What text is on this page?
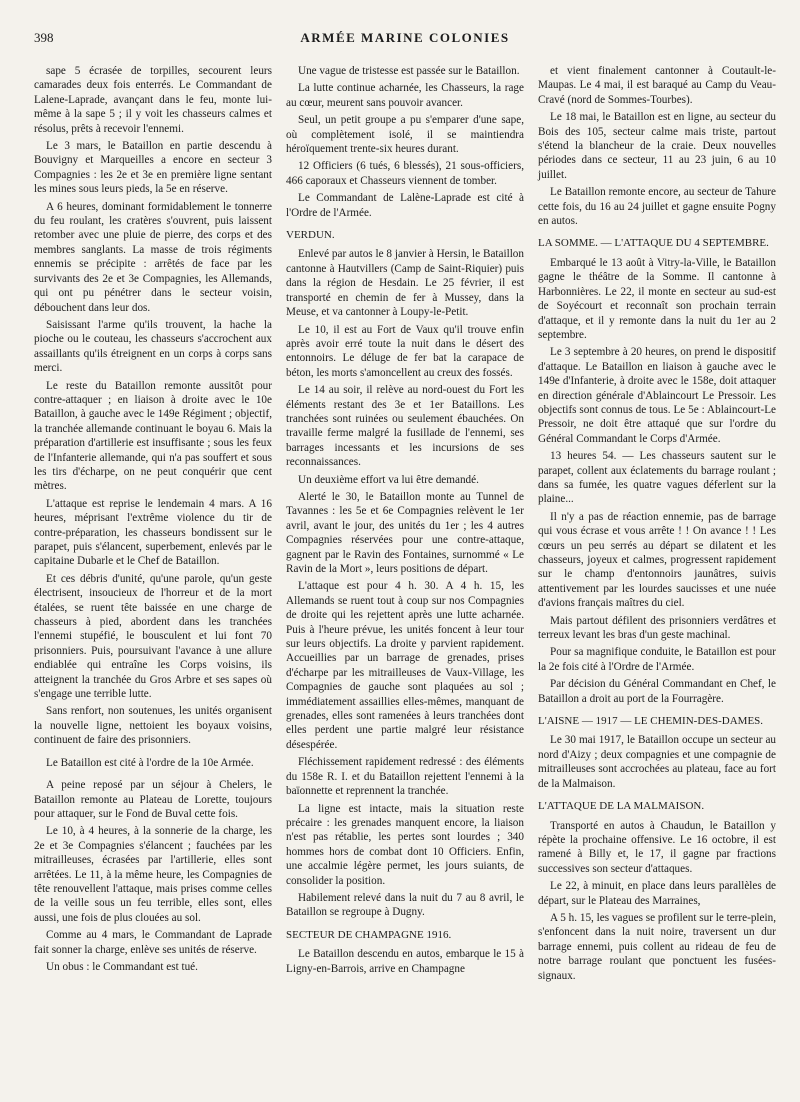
398	ARMÉE MARINE COLONIES

sape 5 écrasée de torpilles, secourent leurs camarades deux fois enterrés. Le Commandant de Lalene-Laprade, avançant dans le feu, monte lui-même à la sape 5 ; il y voit les chasseurs calmes et résolus, prêts à recevoir l'ennemi.

Le 3 mars, le Bataillon en partie descendu à Bouvigny et Marqueilles a encore en secteur 3 Compagnies : les 2e et 3e en première ligne sentant les mines sous leurs pieds, la 5e en réserve.

A 6 heures, dominant formidablement le tonnerre du feu roulant, les cratères s'ouvrent, puis laissent retomber avec une pluie de pierre, des corps et des membres sanglants. La masse de trois régiments ennemis se précipite : arrêtés de face par les survivants des 2e et 3e Compagnies, les Allemands, qui ont pu pénétrer dans le secteur voisin, débouchent dans leur dos.

Saisissant l'arme qu'ils trouvent, la hache la pioche ou le couteau, les chasseurs s'accrochent aux assaillants qu'ils étreignent en un corps à corps sans merci.

Le reste du Bataillon remonte aussitôt pour contre-attaquer ; en liaison à droite avec le 10e Bataillon, à gauche avec le 149e Régiment ; objectif, la tranchée allemande continuant le boyau 6. Mais la préparation d'artillerie est insuffisante ; sous les feux de l'Infanterie allemande, qui n'a pas souffert et sous les tirs d'écharpe, on ne peut conquérir que cent mètres.

L'attaque est reprise le lendemain 4 mars. A 16 heures, méprisant l'extrême violence du tir de contre-préparation, les chasseurs bondissent sur le parapet, puis s'élancent, superbement, enlevés par le capitaine Dubarle et le Chef de Bataillon.

Et ces débris d'unité, qu'une parole, qu'un geste électrisent, insoucieux de l'horreur et de la mort étalées, se ruent tête baissée en une charge de chasseurs à pied, abordent dans les tranchées l'ennemi stupéfié, le bousculent et lui font 70 prisonniers. Puis, poursuivant l'avance à une allure endiablée qui entraîne les Corps voisins, ils atteignent la tranchée du Gros Arbre et ses sapes où s'engage une terrible lutte.

Sans renfort, non soutenues, les unités organisent la nouvelle ligne, nettoient les boyaux voisins, continuent de faire des prisonniers.

Le Bataillon est cité à l'ordre de la 10e Armée.

A peine reposé par un séjour à Chelers, le Bataillon remonte au Plateau de Lorette, toujours pour attaquer, sur le Fond de Buval cette fois.

Le 10, à 4 heures, à la sonnerie de la charge, les 2e et 3e Compagnies s'élancent ; fauchées par les mitrailleuses, écrasées par l'artillerie, elles sont arrêtées. Le 11, à la même heure, les Compagnies de tête renouvellent l'attaque, mais prises comme celles de la veille sous un feu terrible, elles sont, elles aussi, une fois de plus clouées au sol.

Comme au 4 mars, le Commandant de Laprade fait sonner la charge, enlève ses unités de réserve.

Un obus : le Commandant est tué.

Une vague de tristesse est passée sur le Bataillon.

La lutte continue acharnée, les Chasseurs, la rage au cœur, meurent sans pouvoir avancer.

Seul, un petit groupe a pu s'emparer d'une sape, où complètement isolé, il se maintiendra héroïquement trente-six heures durant.

12 Officiers (6 tués, 6 blessés), 21 sous-officiers, 466 caporaux et Chasseurs viennent de tomber.

Le Commandant de Lalène-Laprade est cité à l'Ordre de l'Armée.

VERDUN.

Enlevé par autos le 8 janvier à Hersin, le Bataillon cantonne à Hautvillers (Camp de Saint-Riquier) puis dans la région de Hesdain. Le 25 février, il est transporté en chemin de fer à Mussey, dans la Meuse, et va cantonner à Loupy-le-Petit.

Le 10, il est au Fort de Vaux qu'il trouve enfin après avoir erré toute la nuit dans le désert des entonnoirs. Le déluge de fer bat la carapace de béton, les morts s'amoncellent au creux des fossés.

Le 14 au soir, il relève au nord-ouest du Fort les éléments restant des 3e et 1er Bataillons. Les tranchées sont ruinées ou seulement ébauchées. On travaille ferme malgré la fusillade de l'ennemi, ses barrages incessants et les incursions de ses reconnaissances.

Un deuxième effort va lui être demandé.

Alerté le 30, le Bataillon monte au Tunnel de Tavannes : les 5e et 6e Compagnies relèvent le 1er avril, avant le jour, des unités du 1er ; les 4 autres Compagnies réservées pour une contre-attaque, gagnent par le Ravin des Fontaines, surnommé « Le Ravin de la Mort », leurs positions de départ.

L'attaque est pour 4 h. 30. A 4 h. 15, les Allemands se ruent tout à coup sur nos Compagnies de droite qui les rejettent après une lutte acharnée. Puis à l'heure prévue, les unités foncent à leur tour sur leurs objectifs. La droite y parvient rapidement. Accueillies par un barrage de grenades, prises d'écharpe par les mitrailleuses de Vaux-Village, les Compagnies de gauche sont plaquées au sol ; immédiatement assaillies elles-mêmes, manquant de grenades, elles sont ramenées à leurs tranchées dont elles perdent une partie malgré leur résistance désespérée.

Fléchissement rapidement redressé : des éléments du 158e R. I. et du Bataillon rejettent l'ennemi à la baïonnette et reprennent la tranchée.

La ligne est intacte, mais la situation reste précaire : les grenades manquent encore, la liaison n'est pas rétablie, les pertes sont lourdes ; 340 hommes hors de combat dont 10 Officiers. Enfin, une accalmie légère permet, les jours suiants, de consolider la position.

Habilement relevé dans la nuit du 7 au 8 avril, le Bataillon se regroupe à Dugny.

SECTEUR DE CHAMPAGNE 1916.

Le Bataillon descendu en autos, embarque le 15 à Ligny-en-Barrois, arrive en Champagne

et vient finalement cantonner à Coutault-le-Maupas. Le 4 mai, il est baraqué au Camp du Veau-Cravé (nord de Sommes-Tourbes).

Le 18 mai, le Bataillon est en ligne, au secteur du Bois des 105, secteur calme mais triste, partout s'étend la blancheur de la craie. Deux nouvelles périodes dans ce secteur, 11 au 23 juin, 6 au 10 juillet.

Le Bataillon remonte encore, au secteur de Tahure cette fois, du 16 au 24 juillet et gagne ensuite Pogny en autos.

LA SOMME. — L'ATTAQUE DU 4 SEPTEMBRE.

Embarqué le 13 août à Vitry-la-Ville, le Bataillon gagne le théâtre de la Somme. Il cantonne à Harbonnières. Le 22, il monte en secteur au sud-est de Soyécourt et reconnaît son prochain terrain d'attaque, et il y remonte dans la nuit du 1er au 2 septembre.

Le 3 septembre à 20 heures, on prend le dispositif d'attaque. Le Bataillon en liaison à gauche avec le 149e d'Infanterie, à droite avec le 158e, doit attaquer en direction générale d'Ablaincourt Le Pressoir. Les objectifs sont connus de tous. Le 5e : Ablaincourt-Le Pressoir, ne doit être attaqué que sur l'ordre du Général Commandant le Corps d'Armée.

13 heures 54. — Les chasseurs sautent sur le parapet, collent aux éclatements du barrage roulant ; dans sa fumée, les quatre vagues déferlent sur la plaine...

Il n'y a pas de réaction ennemie, pas de barrage qui vous écrase et vous arrête ! ! On avance ! ! Les cœurs un peu serrés au départ se dilatent et les chasseurs, joyeux et calmes, progressent rapidement sur le champ d'entonnoirs jaunâtres, suivis attentivement par les lourdes saucisses et une nuée d'avions français maîtres du ciel.

Mais partout défilent des prisonniers verdâtres et terreux levant les bras d'un geste machinal.

Pour sa magnifique conduite, le Bataillon est pour la 2e fois cité à l'Ordre de l'Armée.

Par décision du Général Commandant en Chef, le Bataillon a droit au port de la Fourragère.

L'AISNE — 1917 — LE CHEMIN-DES-DAMES.

Le 30 mai 1917, le Bataillon occupe un secteur au nord d'Aizy ; deux compagnies et une compagnie de mitrailleuses sont accrochées au plateau, face au fort de la Malmaison.

L'ATTAQUE DE LA MALMAISON.

Transporté en autos à Chaudun, le Bataillon y répète la prochaine offensive. Le 16 octobre, il est ramené à Billy et, le 17, il gagne par fractions successives son secteur d'attaques.

Le 22, à minuit, en place dans leurs parallèles de départ, sur le Plateau des Marraines,

A 5 h. 15, les vagues se profilent sur le terre-plein, s'enfoncent dans la nuit noire, traversent un dur barrage ennemi, puis collent au rideau de feu de notre barrage roulant que ponctuent les fusées-signaux.
